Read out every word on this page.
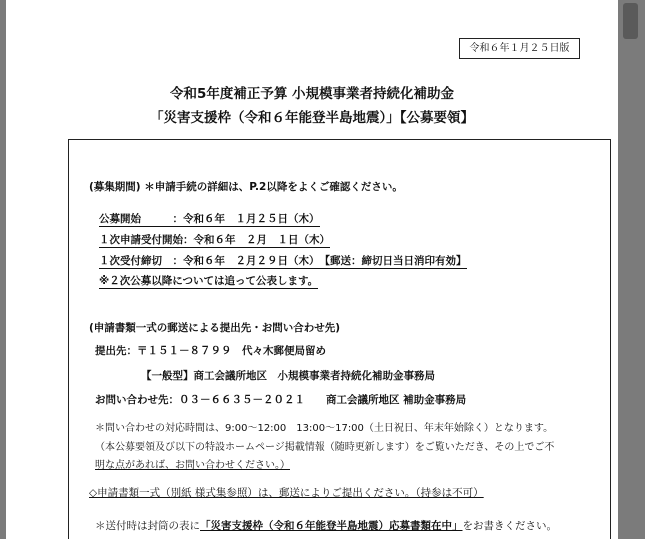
令和６年１月２５日版
令和5年度補正予算 小規模事業者持続化補助金
「災害支援枠（令和６年能登半島地震）」【公募要領】
(募集期間) ＊申請手続の詳細は、P.2以降をよくご確認ください。
公募開始　　　：令和６年　１月２５日（木）
１次申請受付開始：令和６年　２月　１日（木）
１次受付締切　：令和６年　２月２９日（木）　【郵送：締切日当日消印有効】
※２次公募以降については追って公表します。
(申請書類一式の郵送による提出先・お問い合わせ先)
提出先：〒１５１－８７９９　代々木郵便局留め
【一般型】商工会議所地区　小規模事業者持続化補助金事務局
お問い合わせ先：０３－６６３５－２０２１　　商工会議所地区 補助金事務局
＊問い合わせの対応時間は、9:00～12:00　13:00～17:00（土日祝日、年末年始除く）となります。
（本公募要領及び以下の特設ホームページ掲載情報（随時更新します）をご覧いただき、その上でご不
明な点があれば、お問い合わせください。）
◇申請書類一式（別紙 様式集参照）は、郵送によりご提出ください。（持参は不可）
＊送付時は封筒の表に「災害支援枠（令和６年能登半島地震）応募書類在中」をお書きください。
